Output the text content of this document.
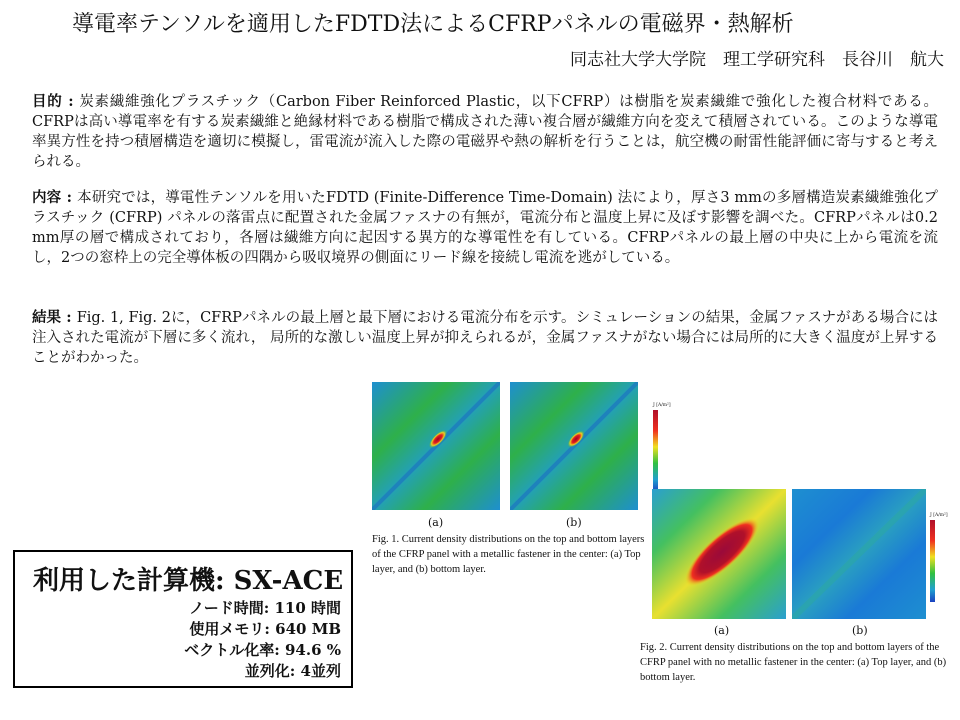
導電率テンソルを適用したFDTD法によるCFRPパネルの電磁界・熱解析
同志社大学大学院　理工学研究科　長谷川　航大
目的 : 炭素繊維強化プラスチック（Carbon Fiber Reinforced Plastic，以下CFRP）は樹脂を炭素繊維で強化した複合材料である。CFRPは高い導電率を有する炭素繊維と絶縁材料である樹脂で構成された薄い複合層が繊維方向を変えて積層されている。このような導電率異方性を持つ積層構造を適切に模擬し，雷電流が流入した際の電磁界や熱の解析を行うことは，航空機の耐雷性能評価に寄与すると考えられる。
内容 : 本研究では，導電性テンソルを用いたFDTD (Finite-Difference Time-Domain) 法により，厚さ3 mmの多層構造炭素繊維強化プラスチック (CFRP) パネルの落雷点に配置された金属ファスナの有無が，電流分布と温度上昇に及ぼす影響を調べた。CFRPパネルは0.2 mm厚の層で構成されており，各層は繊維方向に起因する異方的な導電性を有している。CFRPパネルの最上層の中央に上から電流を流し，2つの窓枠上の完全導体板の四隅から吸収境界の側面にリード線を接続し電流を逃がしている。
結果 : Fig. 1, Fig. 2に，CFRPパネルの最上層と最下層における電流分布を示す。シミュレーションの結果，金属ファスナがある場合には注入された電流が下層に多く流れ， 局所的な激しい温度上昇が抑えられるが，金属ファスナがない場合には局所的に大きく温度が上昇することがわかった。
J [A/m²]
(a)	(b)
Fig. 1. Current density distributions on the top and bottom layers of the CFRP panel with a metallic fastener in the center: (a) Top layer, and (b) bottom layer.
J [A/m²]
(a)	(b)
Fig. 2. Current density distributions on the top and bottom layers of the CFRP panel with no metallic fastener in the center: (a) Top layer, and (b) bottom layer.
利用した計算機: SX-ACE
ノード時間: 110 時間
使用メモリ: 640 MB
ベクトル化率: 94.6 %
並列化: 4並列
